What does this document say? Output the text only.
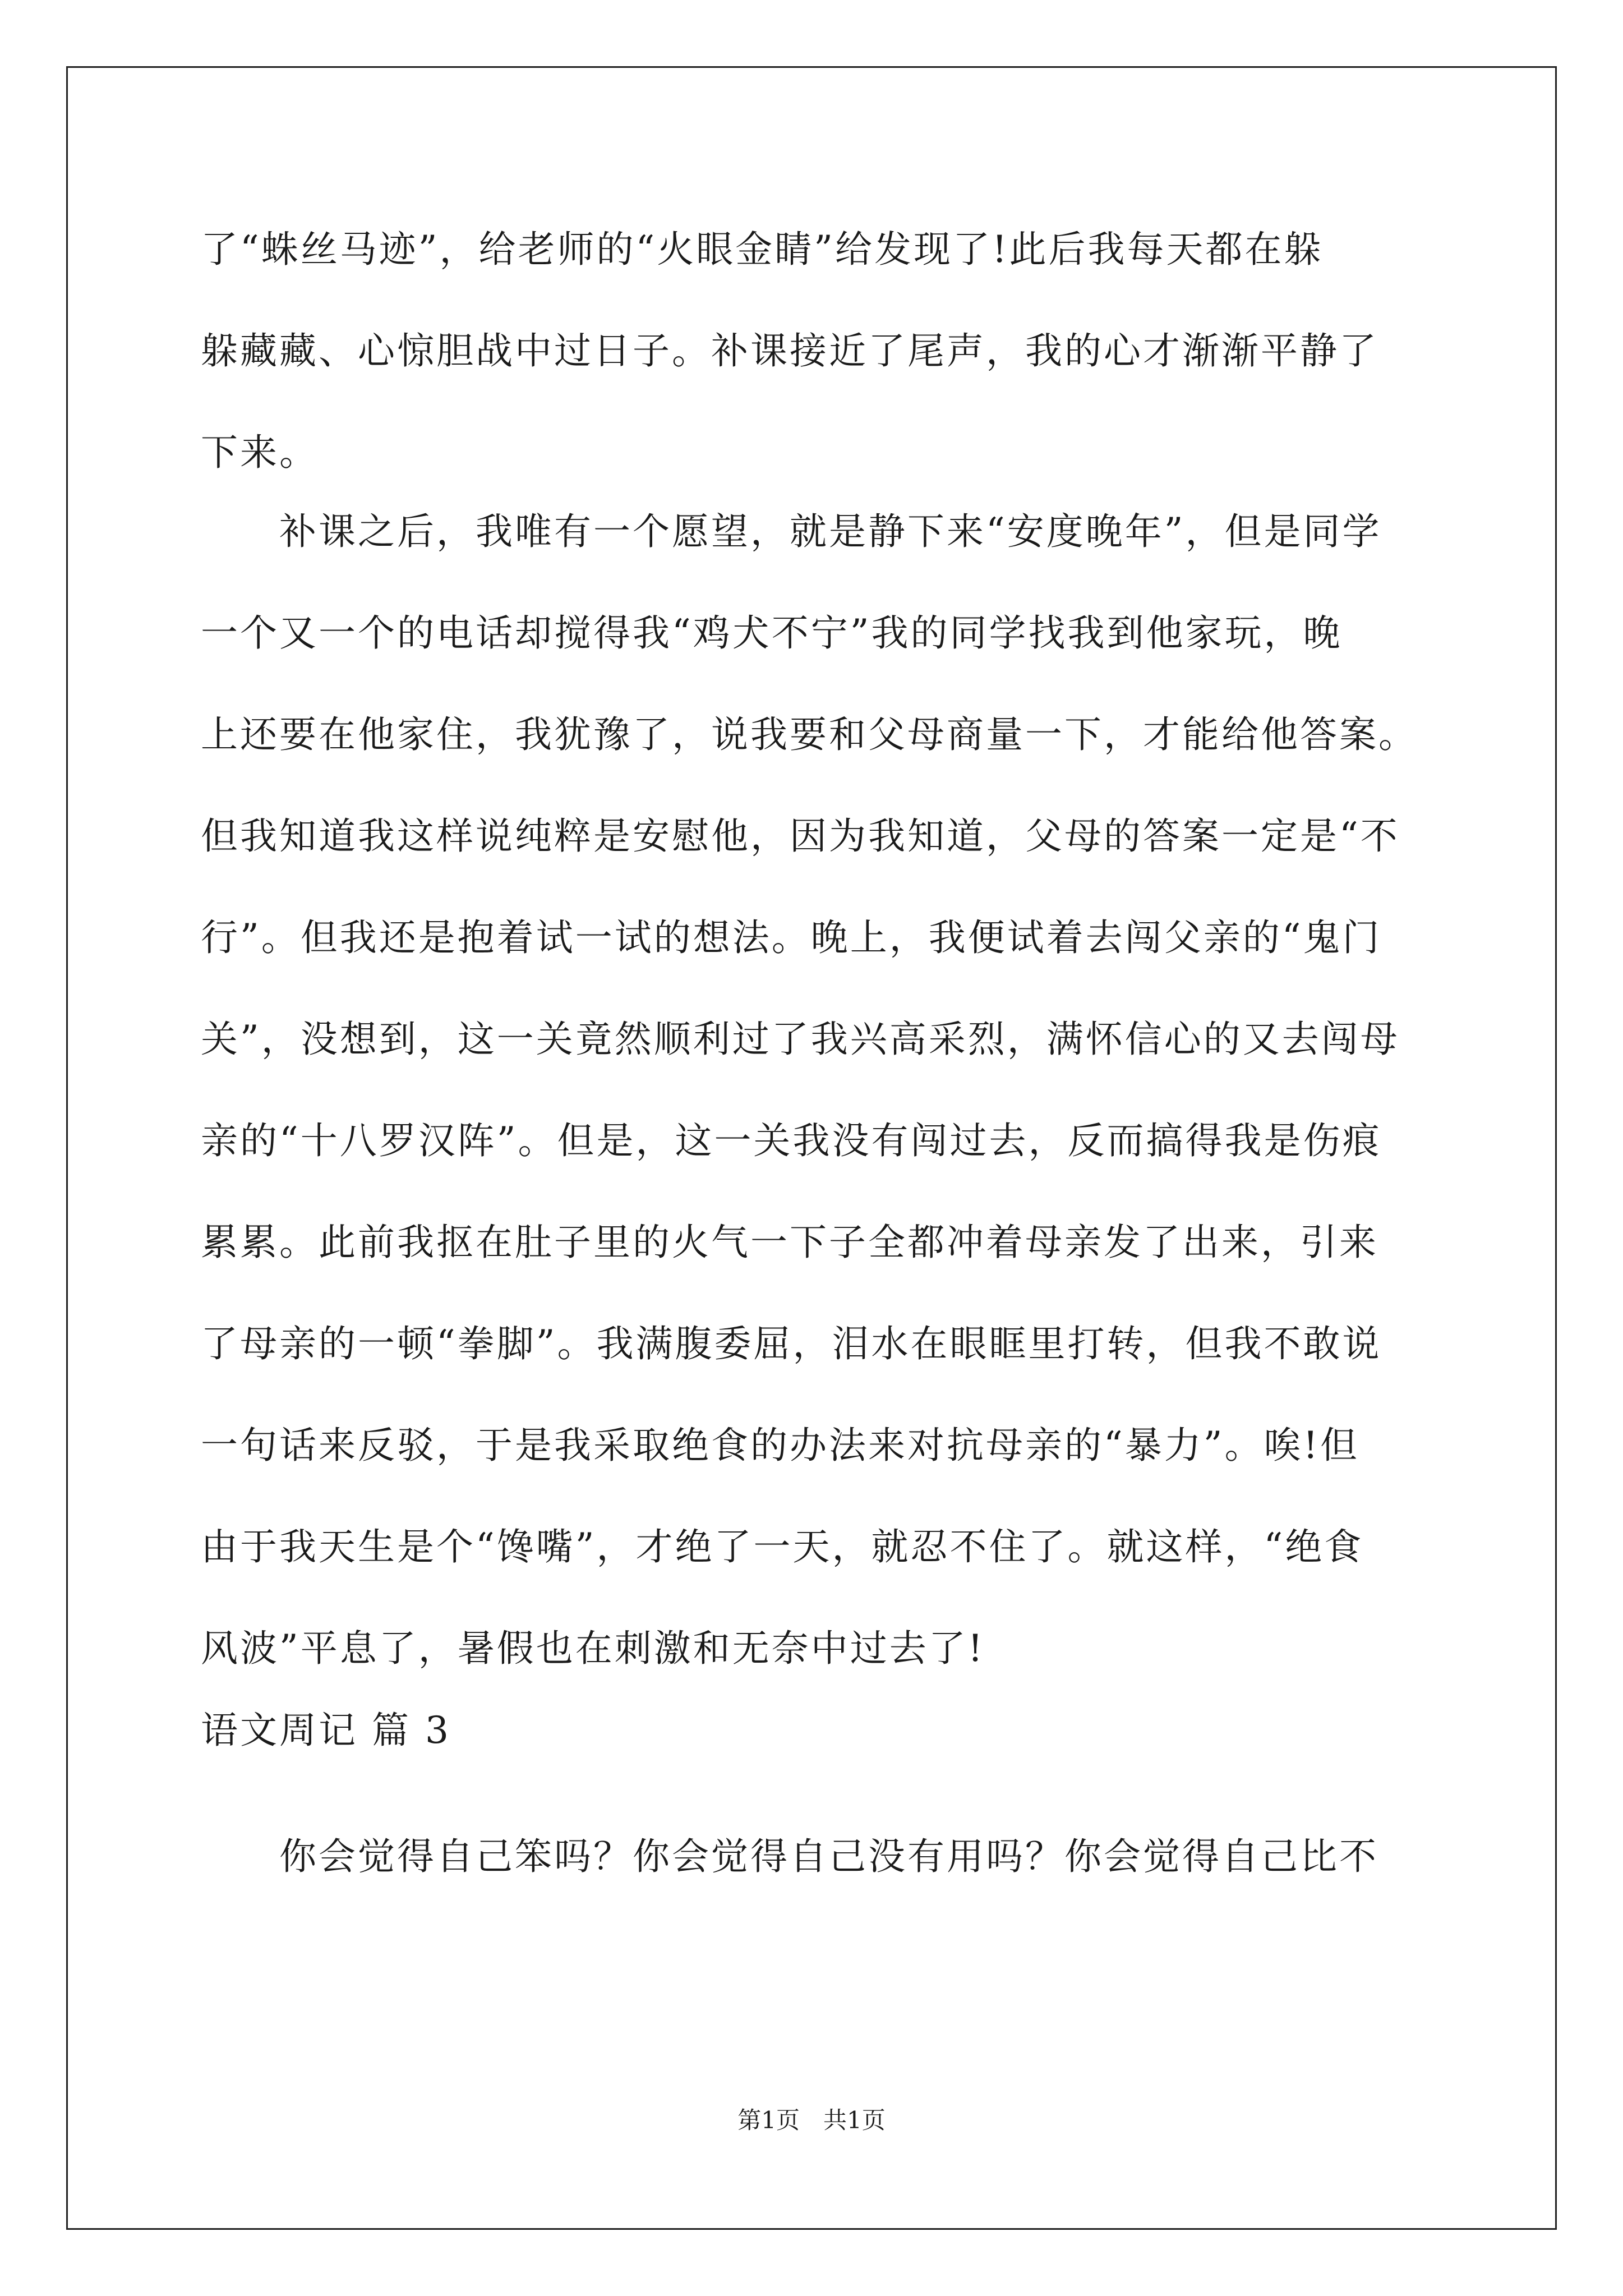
了“蛛丝马迹”，给老师的“火眼金睛”给发现了!此后我每天都在躲

躲藏藏、心惊胆战中过日子。补课接近了尾声，我的心才渐渐平静了

下来。

　　补课之后，我唯有一个愿望，就是静下来“安度晚年”，但是同学

一个又一个的电话却搅得我“鸡犬不宁”我的同学找我到他家玩，晚

上还要在他家住，我犹豫了，说我要和父母商量一下，才能给他答案。

但我知道我这样说纯粹是安慰他，因为我知道，父母的答案一定是“不

行”。但我还是抱着试一试的想法。晚上，我便试着去闯父亲的“鬼门

关”，没想到，这一关竟然顺利过了我兴高采烈，满怀信心的又去闯母

亲的“十八罗汉阵”。但是，这一关我没有闯过去，反而搞得我是伤痕

累累。此前我抠在肚子里的火气一下子全都冲着母亲发了出来，引来

了母亲的一顿“拳脚”。我满腹委屈，泪水在眼眶里打转，但我不敢说

一句话来反驳，于是我采取绝食的办法来对抗母亲的“暴力”。唉!但

由于我天生是个“馋嘴”，才绝了一天，就忍不住了。就这样，“绝食

风波”平息了，暑假也在刺激和无奈中过去了!

语文周记 篇 3

　　你会觉得自己笨吗？你会觉得自己没有用吗？你会觉得自己比不

第1页　共1页
